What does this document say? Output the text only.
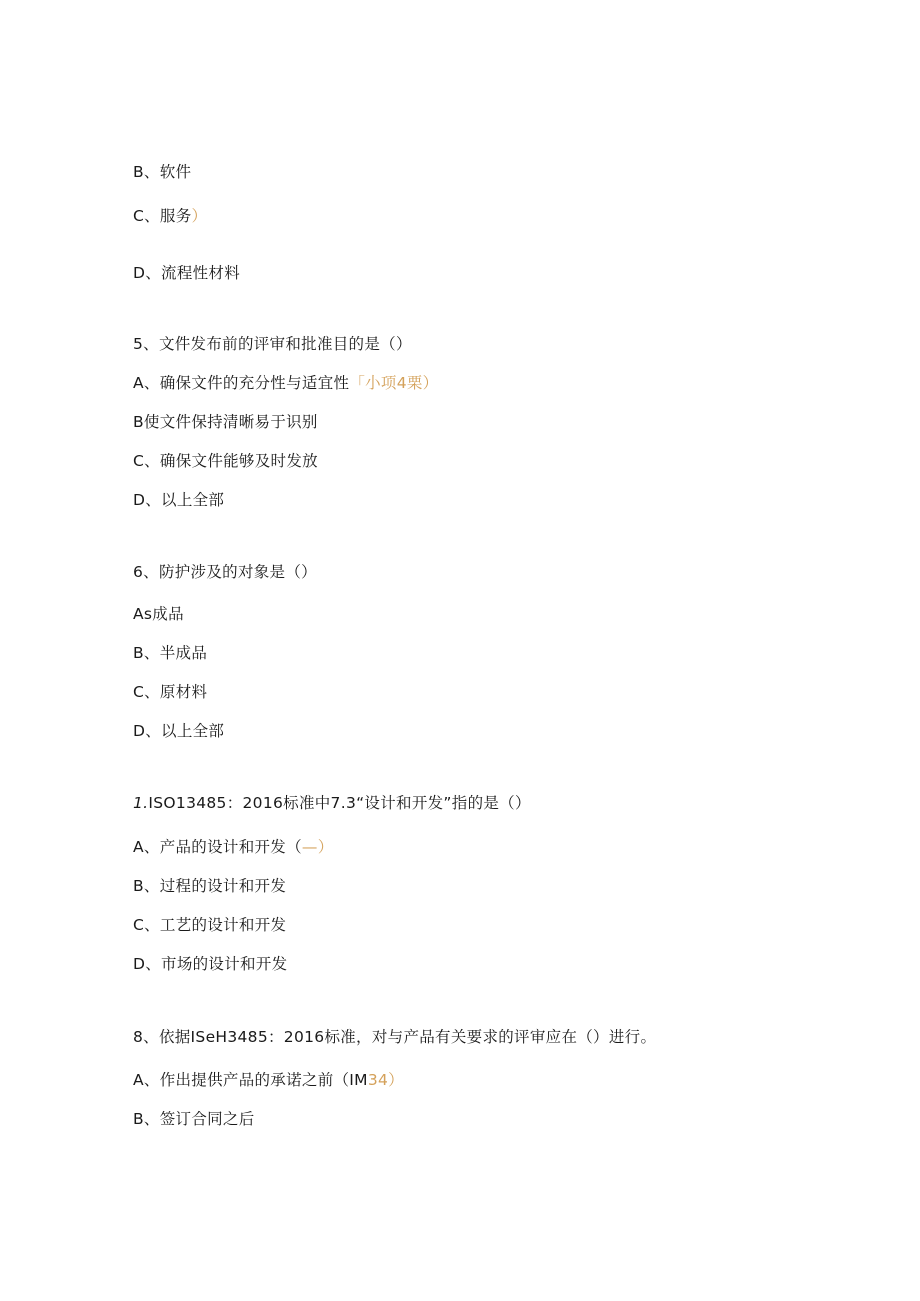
B、软件
C、服务）
D、流程性材料
5、文件发布前的评审和批准目的是（）
A、确保文件的充分性与适宜性「小项4栗）
B使文件保持清晰易于识别
C、确保文件能够及时发放
D、以上全部
6、防护涉及的对象是（）
As成品
B、半成品
C、原材料
D、以上全部
1.ISO13485：2016标准中7.3“设计和开发”指的是（）
A、产品的设计和开发（—）
B、过程的设计和开发
C、工艺的设计和开发
D、市场的设计和开发
8、依据ISeH3485：2016标准，对与产品有关要求的评审应在（）进行。
A、作出提供产品的承诺之前（IM34）
B、签订合同之后
